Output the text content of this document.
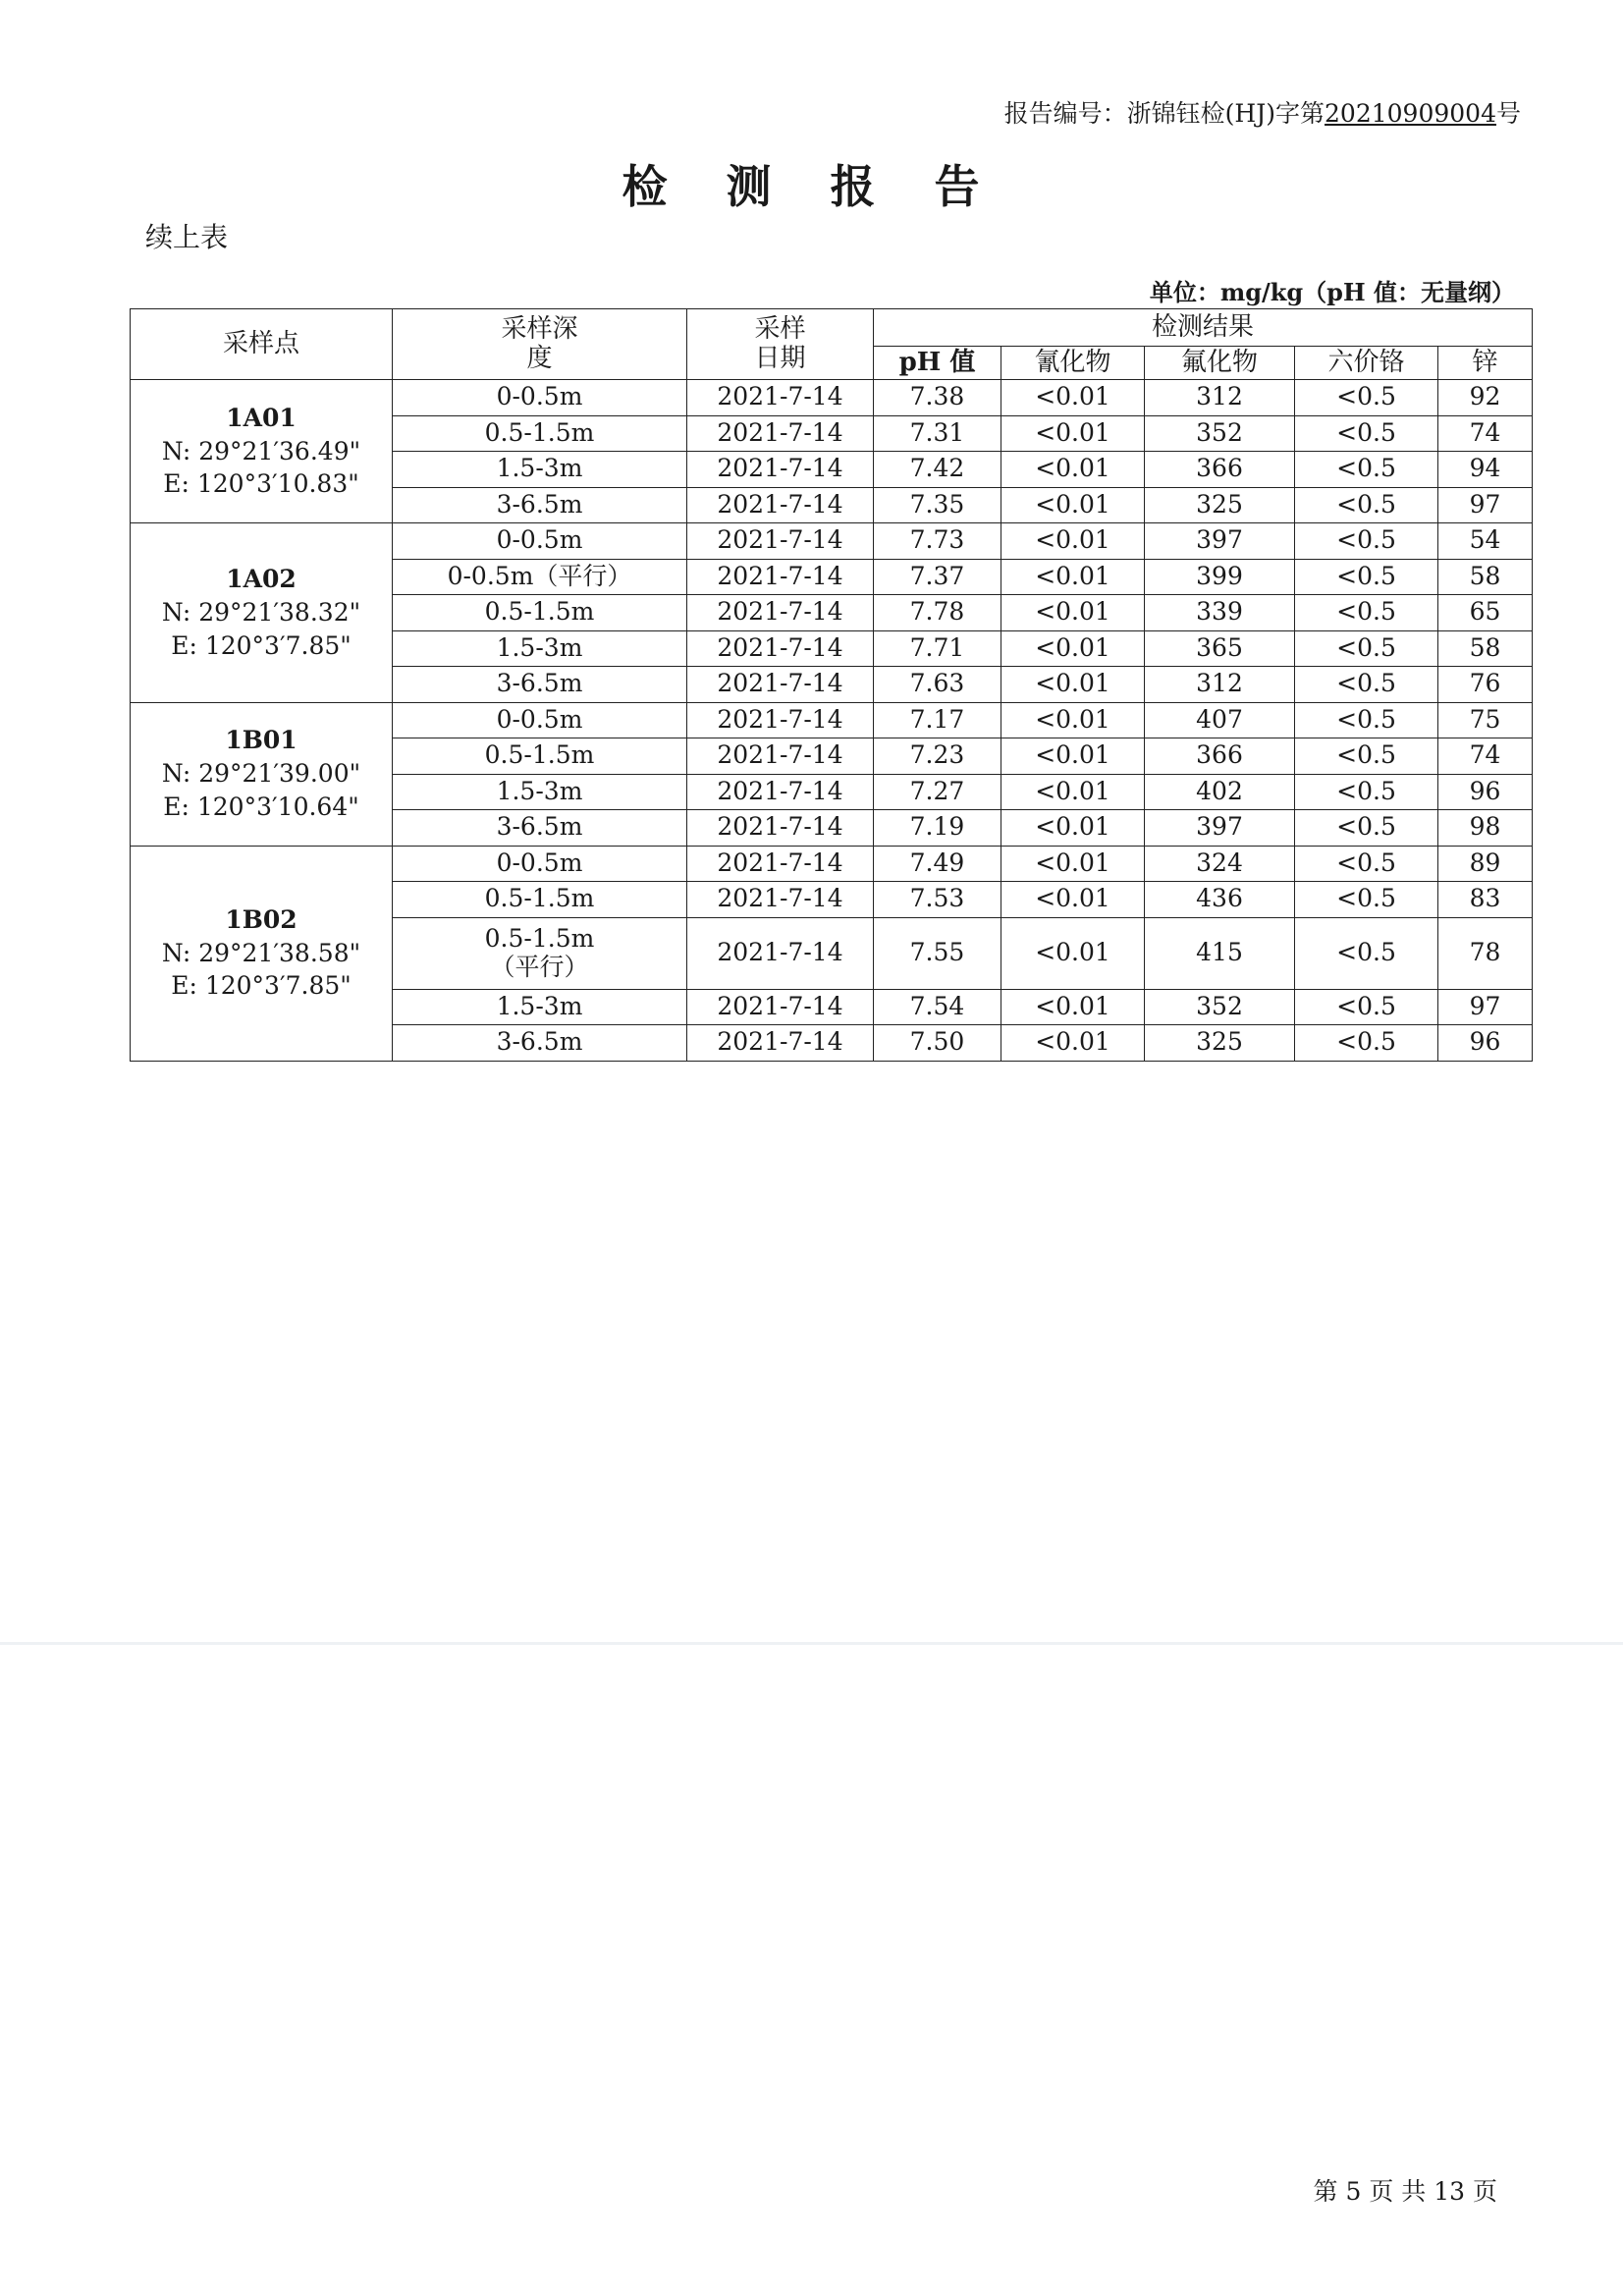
报告编号：浙锦钰检(HJ)字第20210909004号
检 测 报 告
续上表
单位：mg/kg（pH 值：无量纲）
采样点	采样深度	采样日期	检测结果				
			pH 值	氰化物	氟化物	六价铬	锌

1A01
N: 29°21′36.49"
E: 120°3′10.83"	0-0.5m	2021-7-14	7.38	<0.01	312	<0.5	92

	0.5-1.5m	2021-7-14	7.31	<0.01	352	<0.5	74

	1.5-3m	2021-7-14	7.42	<0.01	366	<0.5	94

	3-6.5m	2021-7-14	7.35	<0.01	325	<0.5	97

1A02
N: 29°21′38.32"
E: 120°3′7.85"	0-0.5m	2021-7-14	7.73	<0.01	397	<0.5	54

	0-0.5m（平行）	2021-7-14	7.37	<0.01	399	<0.5	58

	0.5-1.5m	2021-7-14	7.78	<0.01	339	<0.5	65

	1.5-3m	2021-7-14	7.71	<0.01	365	<0.5	58

	3-6.5m	2021-7-14	7.63	<0.01	312	<0.5	76

1B01
N: 29°21′39.00"
E: 120°3′10.64"	0-0.5m	2021-7-14	7.17	<0.01	407	<0.5	75

	0.5-1.5m	2021-7-14	7.23	<0.01	366	<0.5	74

	1.5-3m	2021-7-14	7.27	<0.01	402	<0.5	96

	3-6.5m	2021-7-14	7.19	<0.01	397	<0.5	98

1B02
N: 29°21′38.58"
E: 120°3′7.85"	0-0.5m	2021-7-14	7.49	<0.01	324	<0.5	89

	0.5-1.5m	2021-7-14	7.53	<0.01	436	<0.5	83

	0.5-1.5m
（平行）	2021-7-14	7.55	<0.01	415	<0.5	78

	1.5-3m	2021-7-14	7.54	<0.01	352	<0.5	97

	3-6.5m	2021-7-14	7.50	<0.01	325	<0.5	96
第 5 页 共 13 页
